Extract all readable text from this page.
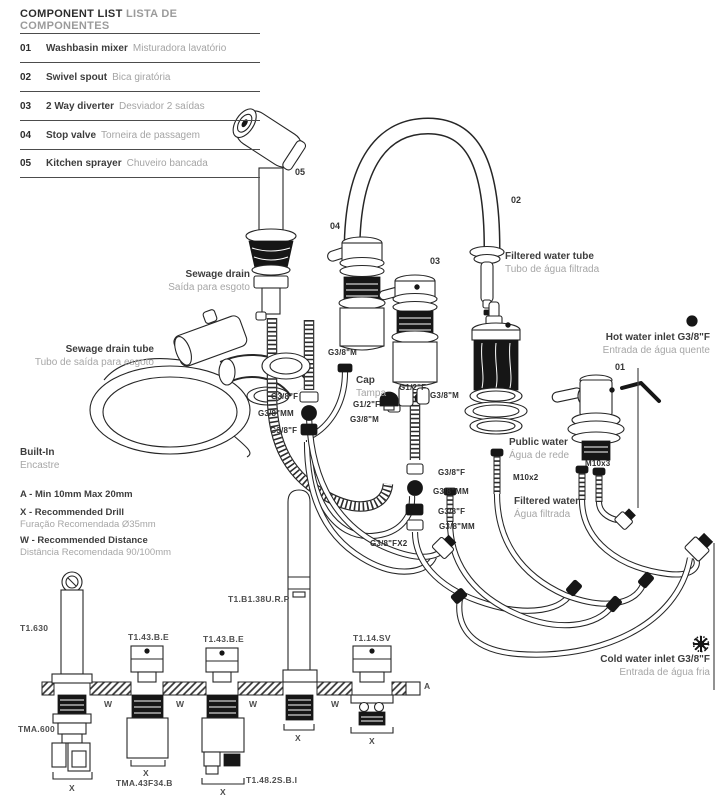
COMPONENT LIST LISTA DE COMPONENTES
01	Washbasin mixer Misturadora lavatório
02	Swivel spout Bica giratória
03	2 Way diverter Desviador 2 saídas
04	Stop valve Torneira de passagem
05	Kitchen sprayer Chuveiro bancada
01
02
03
04
05
Sewage drain
Saída para esgoto
Sewage drain tube
Tubo de saída para esgoto
Filtered water tube
Tubo de água filtrada
Hot water inlet G3/8"F
Entrada de água quente
Cap
Tampa
Public water
Água de rede
Filtered water
Água filtrada
Cold water inlet G3/8"F
Entrada de água fria
Built-In
Encastre
A - Min 10mm Max 20mm
X - Recommended Drill
Furação Recomendada Ø35mm
W - Recommended Distance
Distância Recomendada 90/100mm
G3/8"M
G1/2"F
G3/8"M
G1/2"F
G3/8"M
G3/8"F
G3/8"MM
G3/8"F
G3/8"F
G3/8"MM
G3/8"F
G3/8"MM
G3/8"FX2
M10x2
M10x3
T1.630
TMA.600
T1.43.B.E	T1.43.B.E
T1.B1.38U.R.P
T1.14.SV
TMA.43F34.B	T1.48.2S.B.I
W	W	W	W
X
X
X
X	X
A
